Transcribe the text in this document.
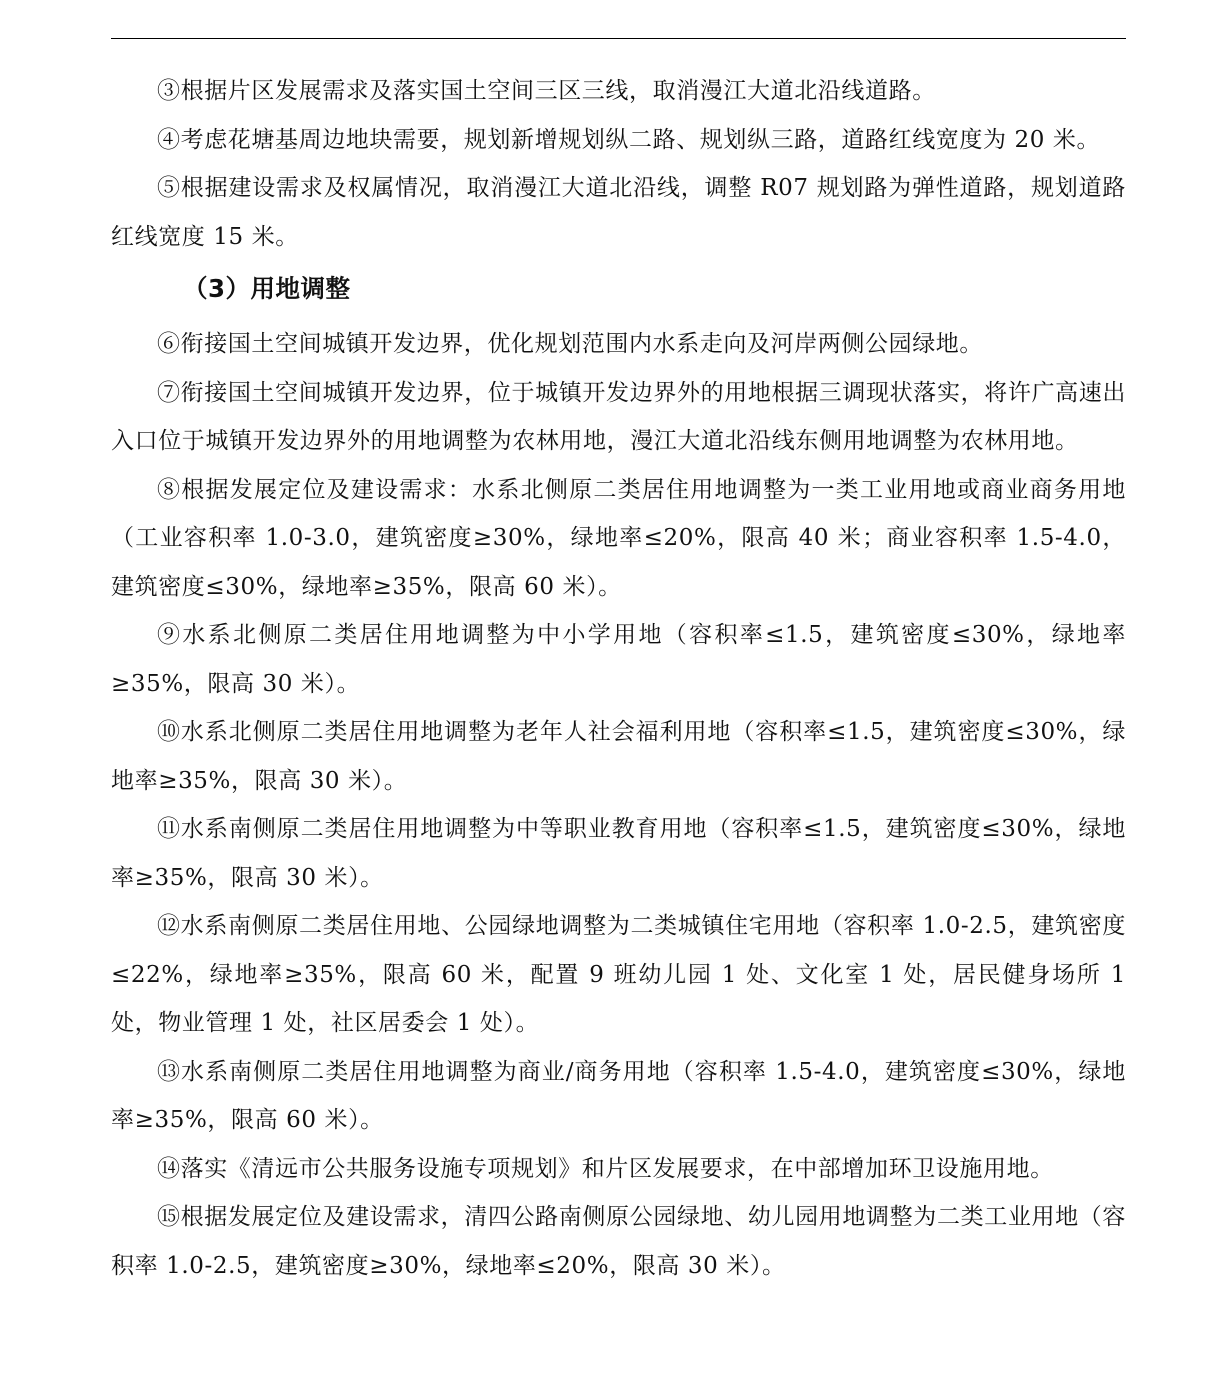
③根据片区发展需求及落实国土空间三区三线，取消漫江大道北沿线道路。

④考虑花塘基周边地块需要，规划新增规划纵二路、规划纵三路，道路红线宽度为 20 米。

⑤根据建设需求及权属情况，取消漫江大道北沿线，调整 R07 规划路为弹性道路，规划道路红线宽度 15 米。

（3）用地调整

⑥衔接国土空间城镇开发边界，优化规划范围内水系走向及河岸两侧公园绿地。

⑦衔接国土空间城镇开发边界，位于城镇开发边界外的用地根据三调现状落实，将许广高速出入口位于城镇开发边界外的用地调整为农林用地，漫江大道北沿线东侧用地调整为农林用地。

⑧根据发展定位及建设需求：水系北侧原二类居住用地调整为一类工业用地或商业商务用地（工业容积率 1.0-3.0，建筑密度≥30%，绿地率≤20%，限高 40 米；商业容积率 1.5-4.0，建筑密度≤30%，绿地率≥35%，限高 60 米）。

⑨水系北侧原二类居住用地调整为中小学用地（容积率≤1.5，建筑密度≤30%，绿地率≥35%，限高 30 米）。

⑩水系北侧原二类居住用地调整为老年人社会福利用地（容积率≤1.5，建筑密度≤30%，绿地率≥35%，限高 30 米）。

⑪水系南侧原二类居住用地调整为中等职业教育用地（容积率≤1.5，建筑密度≤30%，绿地率≥35%，限高 30 米）。

⑫水系南侧原二类居住用地、公园绿地调整为二类城镇住宅用地（容积率 1.0-2.5，建筑密度≤22%，绿地率≥35%，限高 60 米，配置 9 班幼儿园 1 处、文化室 1 处，居民健身场所 1 处，物业管理 1 处，社区居委会 1 处）。

⑬水系南侧原二类居住用地调整为商业/商务用地（容积率 1.5-4.0，建筑密度≤30%，绿地率≥35%，限高 60 米）。

⑭落实《清远市公共服务设施专项规划》和片区发展要求，在中部增加环卫设施用地。

⑮根据发展定位及建设需求，清四公路南侧原公园绿地、幼儿园用地调整为二类工业用地（容积率 1.0-2.5，建筑密度≥30%，绿地率≤20%，限高 30 米）。
